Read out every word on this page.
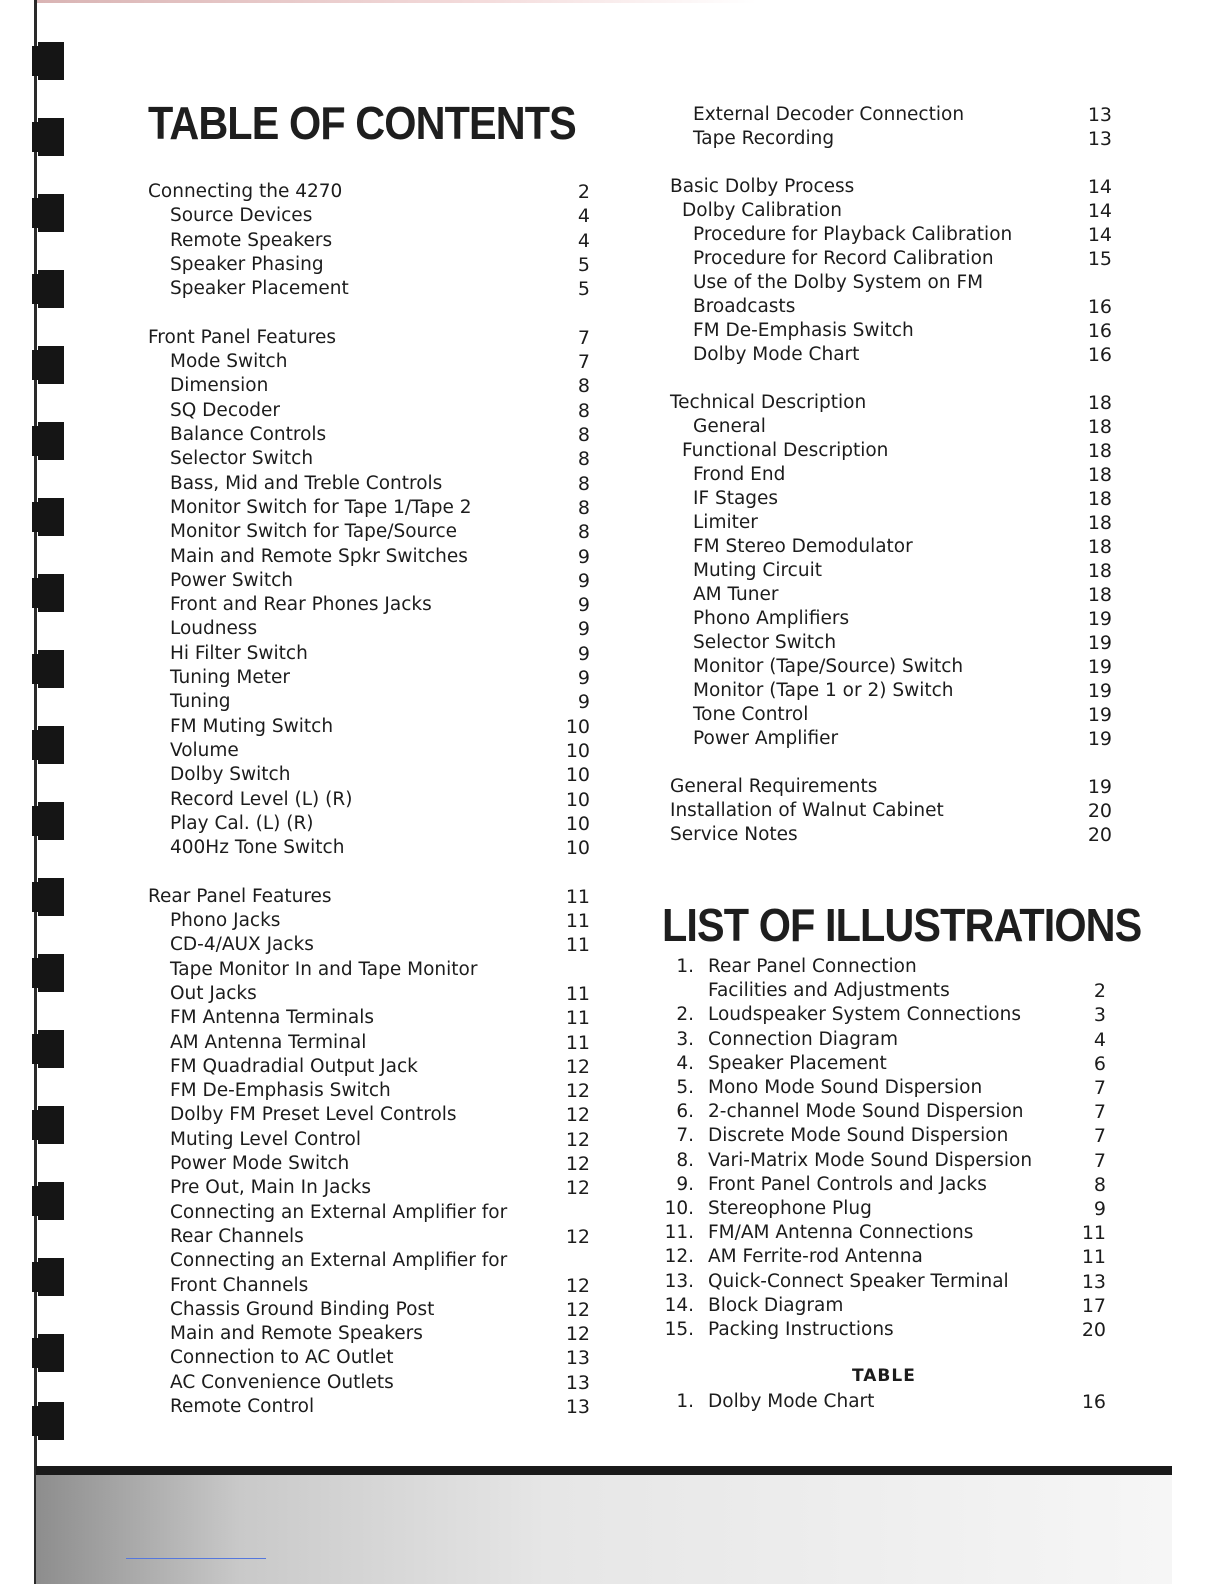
TABLE OF CONTENTS
Connecting the 4270	2
Source Devices	4
Remote Speakers	4
Speaker Phasing	5
Speaker Placement	5
Front Panel Features	7
Mode Switch	7
Dimension	8
SQ Decoder	8
Balance Controls	8
Selector Switch	8
Bass, Mid and Treble Controls	8
Monitor Switch for Tape 1/Tape 2	8
Monitor Switch for Tape/Source	8
Main and Remote Spkr Switches	9
Power Switch	9
Front and Rear Phones Jacks	9
Loudness	9
Hi Filter Switch	9
Tuning Meter	9
Tuning	9
FM Muting Switch	10
Volume	10
Dolby Switch	10
Record Level (L) (R)	10
Play Cal. (L) (R)	10
400Hz Tone Switch	10
Rear Panel Features	11
Phono Jacks	11
CD-4/AUX Jacks	11
Tape Monitor In and Tape Monitor
Out Jacks	11
FM Antenna Terminals	11
AM Antenna Terminal	11
FM Quadradial Output Jack	12
FM De-Emphasis Switch	12
Dolby FM Preset Level Controls	12
Muting Level Control	12
Power Mode Switch	12
Pre Out, Main In Jacks	12
Connecting an External Amplifier for
Rear Channels	12
Connecting an External Amplifier for
Front Channels	12
Chassis Ground Binding Post	12
Main and Remote Speakers	12
Connection to AC Outlet	13
AC Convenience Outlets	13
Remote Control	13
External Decoder Connection	13
Tape Recording	13
Basic Dolby Process	14
Dolby Calibration	14
Procedure for Playback Calibration	14
Procedure for Record Calibration	15
Use of the Dolby System on FM
Broadcasts	16
FM De-Emphasis Switch	16
Dolby Mode Chart	16
Technical Description	18
General	18
Functional Description	18
Frond End	18
IF Stages	18
Limiter	18
FM Stereo Demodulator	18
Muting Circuit	18
AM Tuner	18
Phono Amplifiers	19
Selector Switch	19
Monitor (Tape/Source) Switch	19
Monitor (Tape 1 or 2) Switch	19
Tone Control	19
Power Amplifier	19
General Requirements	19
Installation of Walnut Cabinet	20
Service Notes	20
LIST OF ILLUSTRATIONS
1. Rear Panel Connection
Facilities and Adjustments	2
2. Loudspeaker System Connections	3
3. Connection Diagram	4
4. Speaker Placement	6
5. Mono Mode Sound Dispersion	7
6. 2-channel Mode Sound Dispersion	7
7. Discrete Mode Sound Dispersion	7
8. Vari-Matrix Mode Sound Dispersion	7
9. Front Panel Controls and Jacks	8
10. Stereophone Plug	9
11. FM/AM Antenna Connections	11
12. AM Ferrite-rod Antenna	11
13. Quick-Connect Speaker Terminal	13
14. Block Diagram	17
15. Packing Instructions	20
TABLE
1. Dolby Mode Chart	16
